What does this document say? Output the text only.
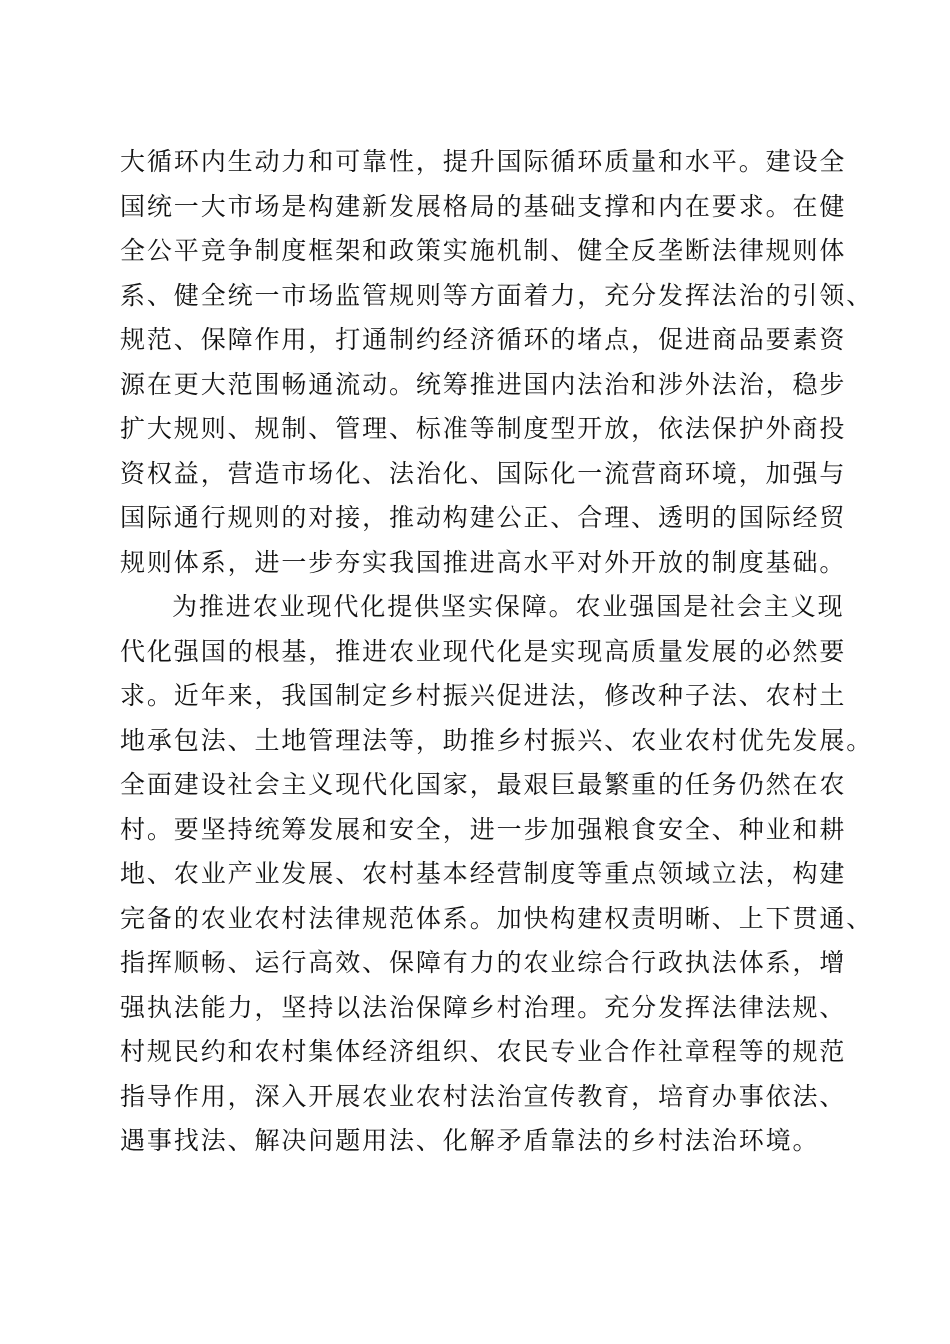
大循环内生动力和可靠性，提升国际循环质量和水平。建设全
国统一大市场是构建新发展格局的基础支撑和内在要求。在健
全公平竞争制度框架和政策实施机制、健全反垄断法律规则体
系、健全统一市场监管规则等方面着力，充分发挥法治的引领、
规范、保障作用，打通制约经济循环的堵点，促进商品要素资
源在更大范围畅通流动。统筹推进国内法治和涉外法治，稳步
扩大规则、规制、管理、标准等制度型开放，依法保护外商投
资权益，营造市场化、法治化、国际化一流营商环境，加强与
国际通行规则的对接，推动构建公正、合理、透明的国际经贸
规则体系，进一步夯实我国推进高水平对外开放的制度基础。
为推进农业现代化提供坚实保障。农业强国是社会主义现
代化强国的根基，推进农业现代化是实现高质量发展的必然要
求。近年来，我国制定乡村振兴促进法，修改种子法、农村土
地承包法、土地管理法等，助推乡村振兴、农业农村优先发展。
全面建设社会主义现代化国家，最艰巨最繁重的任务仍然在农
村。要坚持统筹发展和安全，进一步加强粮食安全、种业和耕
地、农业产业发展、农村基本经营制度等重点领域立法，构建
完备的农业农村法律规范体系。加快构建权责明晰、上下贯通、
指挥顺畅、运行高效、保障有力的农业综合行政执法体系，增
强执法能力，坚持以法治保障乡村治理。充分发挥法律法规、
村规民约和农村集体经济组织、农民专业合作社章程等的规范
指导作用，深入开展农业农村法治宣传教育，培育办事依法、
遇事找法、解决问题用法、化解矛盾靠法的乡村法治环境。
